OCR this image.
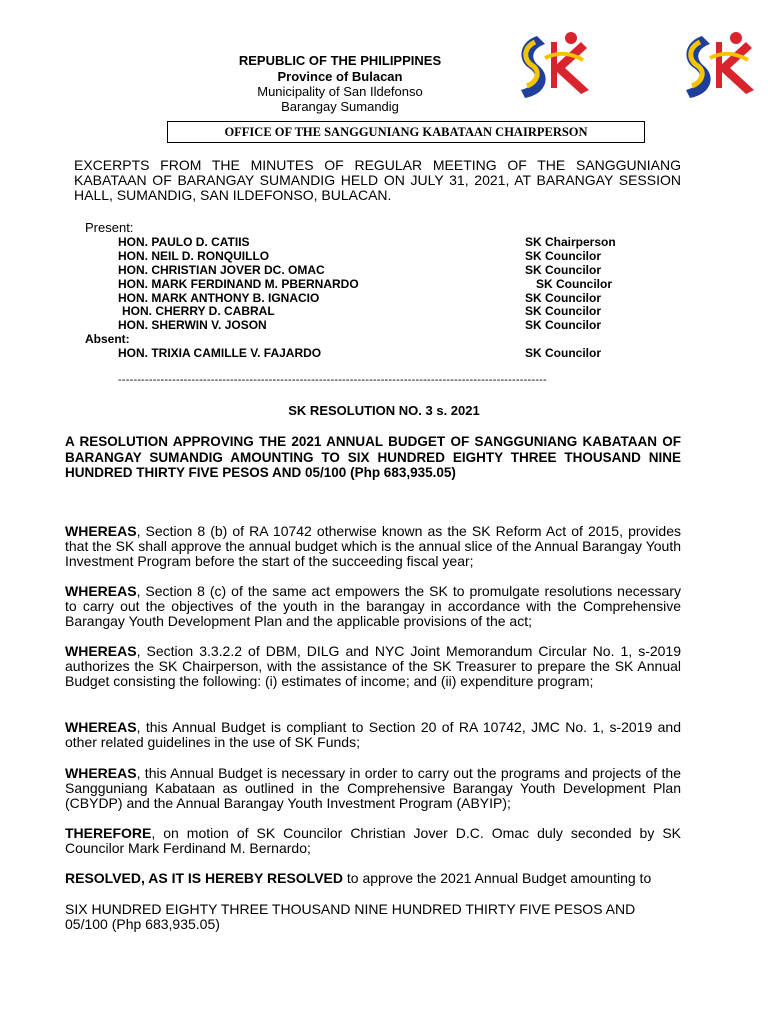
REPUBLIC OF THE PHILIPPINES
Province of Bulacan
Municipality of San Ildefonso
Barangay Sumandig
OFFICE OF THE SANGGUNIANG KABATAAN CHAIRPERSON
EXCERPTS FROM THE MINUTES OF REGULAR MEETING OF THE SANGGUNIANG KABATAAN OF BARANGAY SUMANDIG HELD ON JULY 31, 2021, AT BARANGAY SESSION HALL, SUMANDIG, SAN ILDEFONSO, BULACAN.
Present:
HON. PAULO D. CATIIS	SK Chairperson
HON. NEIL D. RONQUILLO	SK Councilor
HON. CHRISTIAN JOVER DC. OMAC	SK Councilor
HON. MARK FERDINAND M. PBERNARDO	SK Councilor
HON. MARK ANTHONY B. IGNACIO	SK Councilor
HON. CHERRY D. CABRAL	SK Councilor
HON. SHERWIN V. JOSON	SK Councilor
Absent:
HON. TRIXIA CAMILLE V. FAJARDO	SK Councilor
---------------------------------------------------------------------------------------------------------------
SK RESOLUTION NO. 3 s. 2021
A RESOLUTION APPROVING THE 2021 ANNUAL BUDGET OF SANGGUNIANG KABATAAN OF BARANGAY SUMANDIG AMOUNTING TO SIX HUNDRED EIGHTY THREE THOUSAND NINE HUNDRED THIRTY FIVE PESOS AND 05/100 (Php 683,935.05)
WHEREAS, Section 8 (b) of RA 10742 otherwise known as the SK Reform Act of 2015, provides that the SK shall approve the annual budget which is the annual slice of the Annual Barangay Youth Investment Program before the start of the succeeding fiscal year;
WHEREAS, Section 8 (c) of the same act empowers the SK to promulgate resolutions necessary to carry out the objectives of the youth in the barangay in accordance with the Comprehensive Barangay Youth Development Plan and the applicable provisions of the act;
WHEREAS, Section 3.3.2.2 of DBM, DILG and NYC Joint Memorandum Circular No. 1, s-2019 authorizes the SK Chairperson, with the assistance of the SK Treasurer to prepare the SK Annual Budget consisting the following: (i) estimates of income; and (ii) expenditure program;
WHEREAS, this Annual Budget is compliant to Section 20 of RA 10742, JMC No. 1, s-2019 and other related guidelines in the use of SK Funds;
WHEREAS, this Annual Budget is necessary in order to carry out the programs and projects of the Sangguniang Kabataan as outlined in the Comprehensive Barangay Youth Development Plan (CBYDP) and the Annual Barangay Youth Investment Program (ABYIP);
THEREFORE, on motion of SK Councilor Christian Jover D.C. Omac duly seconded by SK Councilor Mark Ferdinand M. Bernardo;
RESOLVED, AS IT IS HEREBY RESOLVED to approve the 2021 Annual Budget amounting to
SIX HUNDRED EIGHTY THREE THOUSAND NINE HUNDRED THIRTY FIVE PESOS AND 05/100 (Php 683,935.05)
